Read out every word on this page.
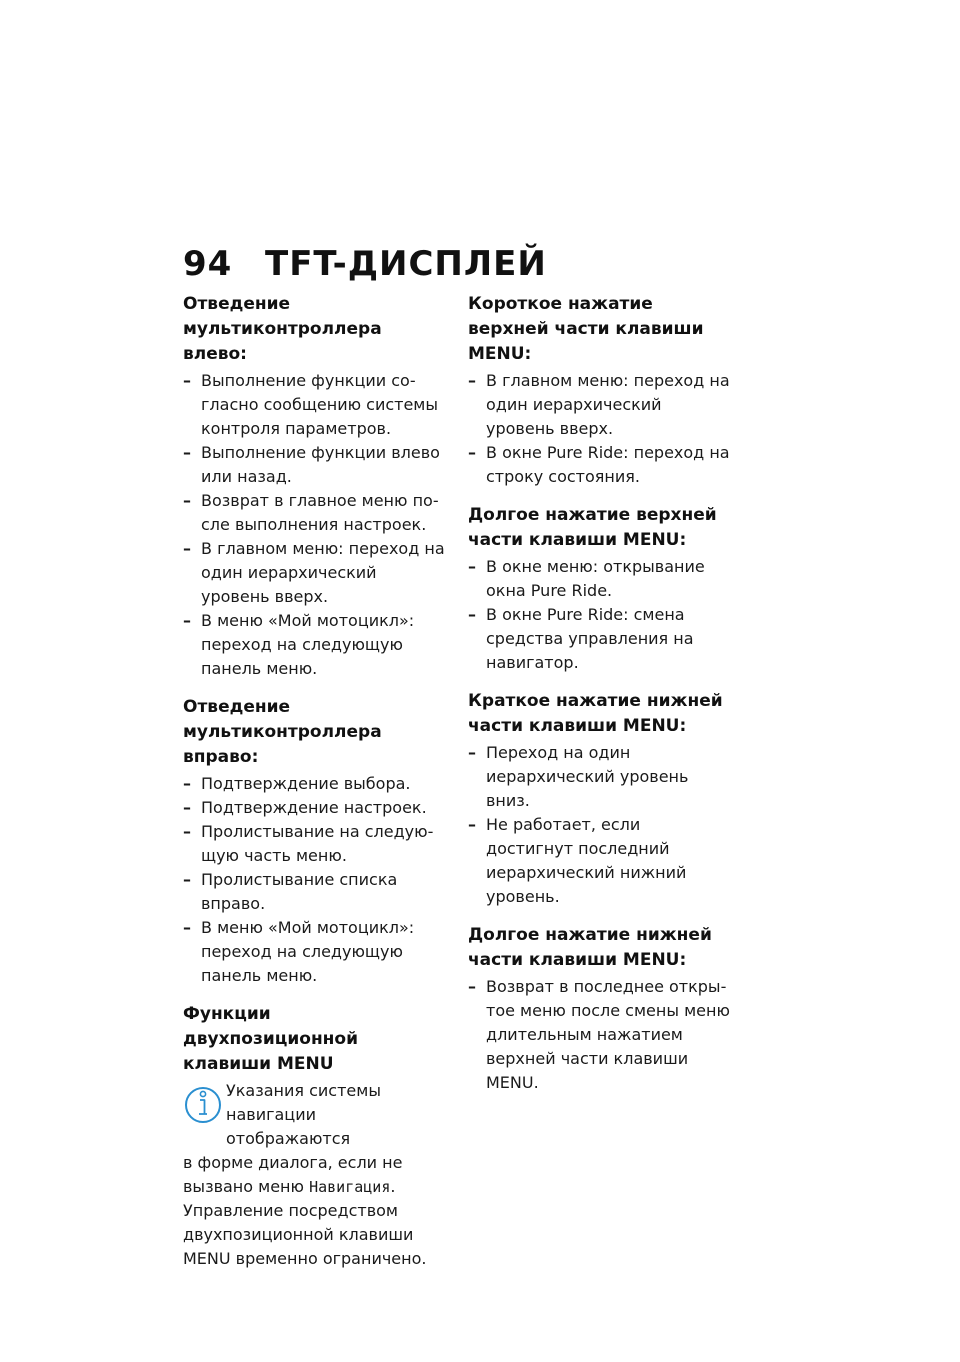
94 TFT-ДИСПЛЕЙ
Отведение мультиконтроллера влево:
– Выполнение функции согласно сообщению системы контроля параметров.
– Выполнение функции влево или назад.
– Возврат в главное меню после выполнения настроек.
– В главном меню: переход на один иерархический уровень вверх.
– В меню «Мой мотоцикл»: переход на следующую панель меню.
Отведение мультиконтроллера вправо:
– Подтверждение выбора.
– Подтверждение настроек.
– Пролистывание на следующую часть меню.
– Пролистывание списка вправо.
– В меню «Мой мотоцикл»: переход на следующую панель меню.
Функции двухпозиционной клавиши MENU
Указания системы навигации отображаются
в форме диалога, если не вызвано меню Навигация.
Управление посредством двухпозиционной клавиши MENU временно ограничено.
Короткое нажатие верхней части клавиши MENU:
– В главном меню: переход на один иерархический уровень вверх.
– В окне Pure Ride: переход на строку состояния.
Долгое нажатие верхней части клавиши MENU:
– В окне меню: открывание окна Pure Ride.
– В окне Pure Ride: смена средства управления на навигатор.
Краткое нажатие нижней части клавиши MENU:
– Переход на один иерархический уровень вниз.
– Не работает, если достигнут последний иерархический нижний уровень.
Долгое нажатие нижней части клавиши MENU:
– Возврат в последнее открытое меню после смены меню длительным нажатием верхней части клавиши MENU.
